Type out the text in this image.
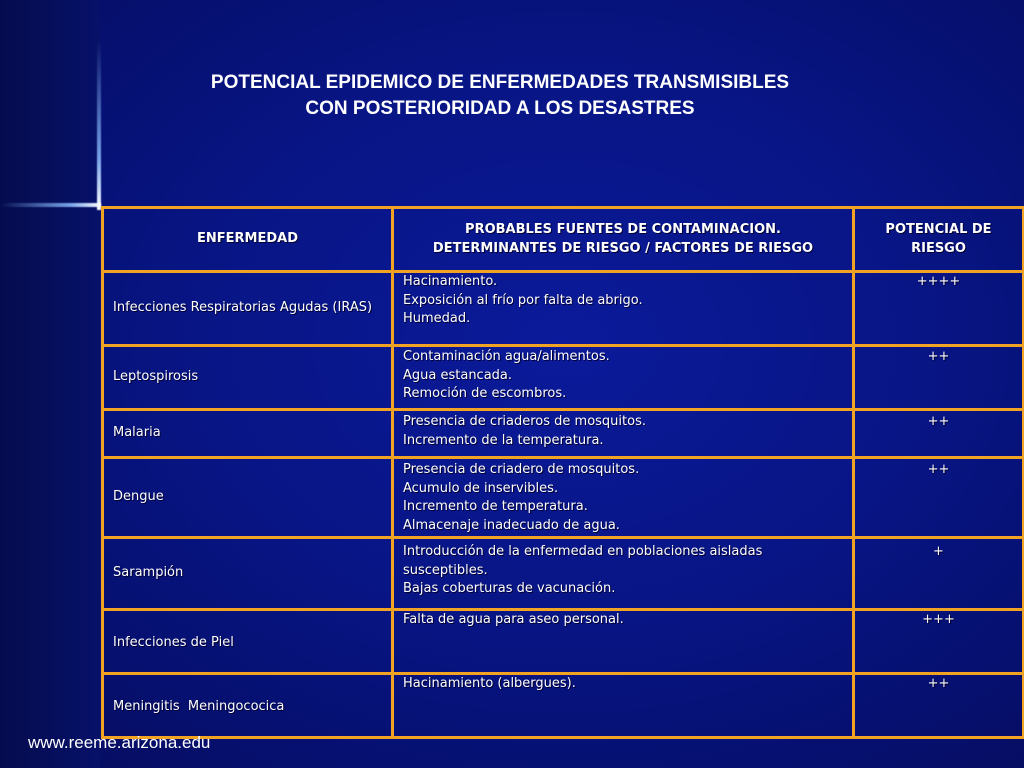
POTENCIAL EPIDEMICO DE ENFERMEDADES TRANSMISIBLES
CON POSTERIORIDAD A LOS DESASTRES
ENFERMEDAD	PROBABLES FUENTES DE CONTAMINACION.
DETERMINANTES DE RIESGO / FACTORES DE RIESGO	POTENCIAL DE
RIESGO

Infecciones Respiratorias Agudas (IRAS)	Hacinamiento.
Exposición al frío por falta de abrigo.
Humedad.	++++
Leptospirosis	Contaminación agua/alimentos.
Agua estancada.
Remoción de escombros.	++
Malaria	Presencia de criaderos de mosquitos.
Incremento de la temperatura.	++
Dengue	Presencia de criadero de mosquitos.
Acumulo de inservibles.
Incremento de temperatura.
Almacenaje inadecuado de agua.	++
Sarampión	Introducción de la enfermedad en poblaciones aisladas susceptibles.
Bajas coberturas de vacunación.	+
Infecciones de Piel	Falta de agua para aseo personal.	+++
Meningitis  Meningococica	Hacinamiento (albergues).	++
www.reeme.arizona.edu
